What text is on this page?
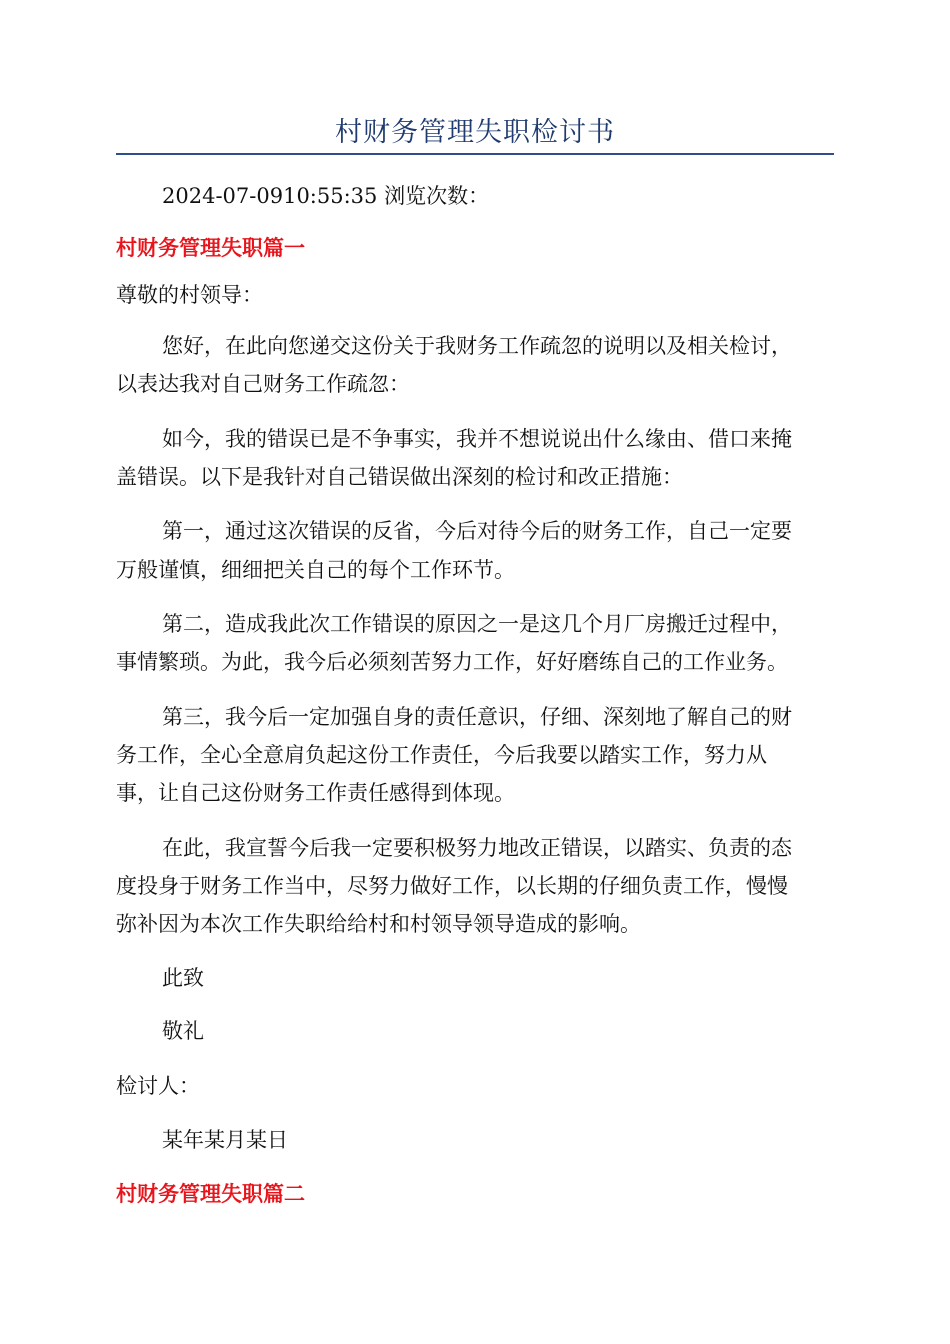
村财务管理失职检讨书
2024-07-0910:55:35 浏览次数：
村财务管理失职篇一
尊敬的村领导：
您好，在此向您递交这份关于我财务工作疏忽的说明以及相关检讨，
以表达我对自己财务工作疏忽：
如今，我的错误已是不争事实，我并不想说说出什么缘由、借口来掩
盖错误。以下是我针对自己错误做出深刻的检讨和改正措施：
第一，通过这次错误的反省，今后对待今后的财务工作，自己一定要
万般谨慎，细细把关自己的每个工作环节。
第二，造成我此次工作错误的原因之一是这几个月厂房搬迁过程中，
事情繁琐。为此，我今后必须刻苦努力工作，好好磨练自己的工作业务。
第三，我今后一定加强自身的责任意识，仔细、深刻地了解自己的财
务工作，全心全意肩负起这份工作责任，今后我要以踏实工作，努力从
事，让自己这份财务工作责任感得到体现。
在此，我宣誓今后我一定要积极努力地改正错误，以踏实、负责的态
度投身于财务工作当中，尽努力做好工作，以长期的仔细负责工作，慢慢
弥补因为本次工作失职给给村和村领导领导造成的影响。
此致
敬礼
检讨人：
某年某月某日
村财务管理失职篇二
